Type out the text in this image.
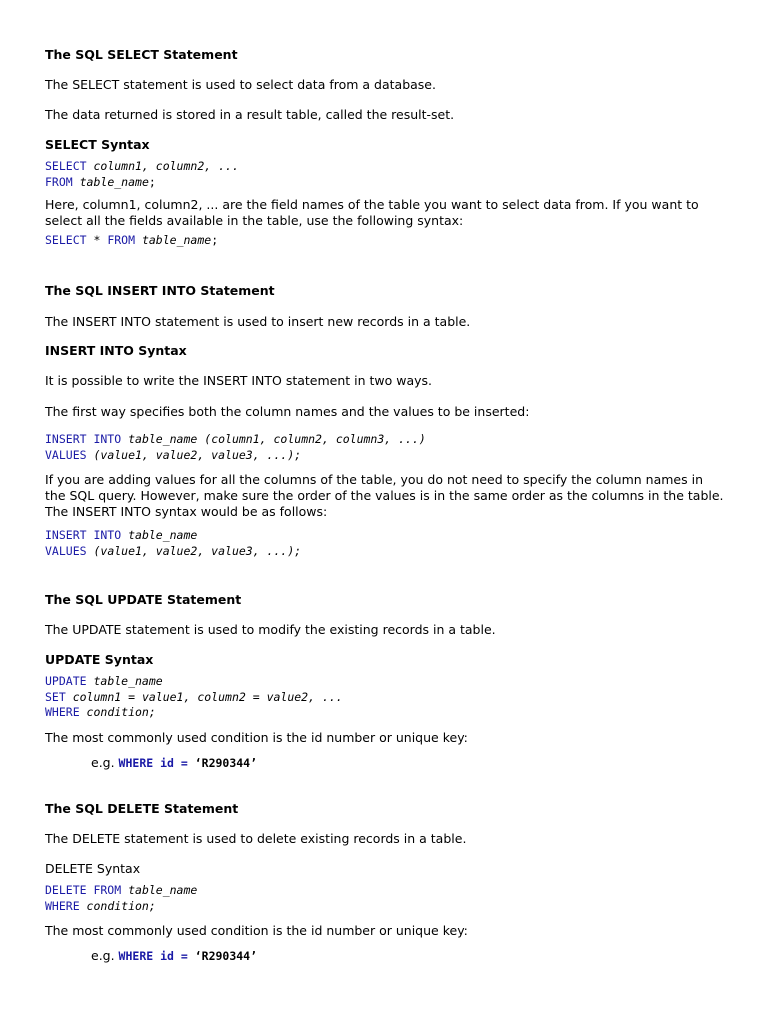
The SQL SELECT Statement
The SELECT statement is used to select data from a database.
The data returned is stored in a result table, called the result-set.
SELECT Syntax
SELECT column1, column2, ...
FROM table_name;
Here, column1, column2, ... are the field names of the table you want to select data from. If you want to select all the fields available in the table, use the following syntax:
SELECT * FROM table_name;
The SQL INSERT INTO Statement
The INSERT INTO statement is used to insert new records in a table.
INSERT INTO Syntax
It is possible to write the INSERT INTO statement in two ways.
The first way specifies both the column names and the values to be inserted:
INSERT INTO table_name (column1, column2, column3, ...)
VALUES (value1, value2, value3, ...);
If you are adding values for all the columns of the table, you do not need to specify the column names in the SQL query. However, make sure the order of the values is in the same order as the columns in the table. The INSERT INTO syntax would be as follows:
INSERT INTO table_name
VALUES (value1, value2, value3, ...);
The SQL UPDATE Statement
The UPDATE statement is used to modify the existing records in a table.
UPDATE Syntax
UPDATE table_name
SET column1 = value1, column2 = value2, ...
WHERE condition;
The most commonly used condition is the id number or unique key:
e.g. WHERE id = ‘R290344’
The SQL DELETE Statement
The DELETE statement is used to delete existing records in a table.
DELETE Syntax
DELETE FROM table_name
WHERE condition;
The most commonly used condition is the id number or unique key:
e.g. WHERE id = ‘R290344’
